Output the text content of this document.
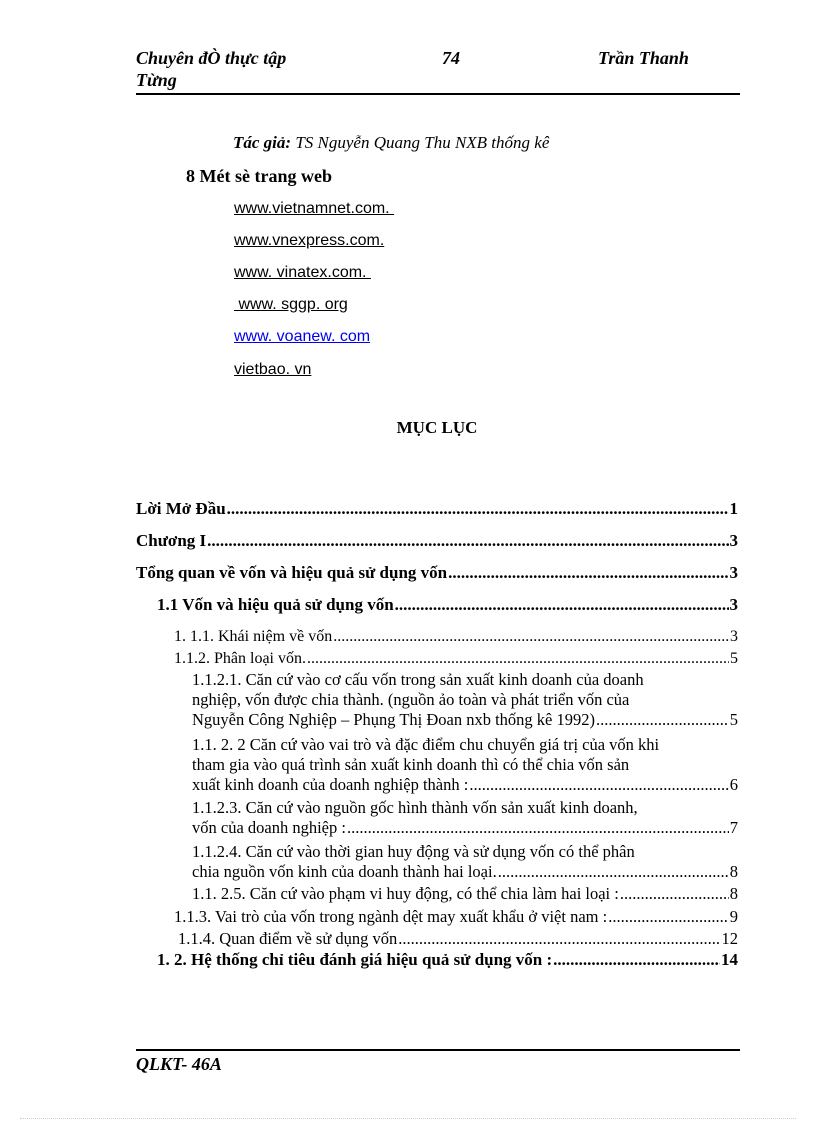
Chuyên đÒ thực tập	74	Trần Thanh
Từng
Tác giả: TS Nguyễn Quang Thu NXB thống kê
8 Mét sè trang web
www.vietnamnet.com.
www.vnexpress.com.
www. vinatex.com.
www. sggp. org
www. voanew. com
vietbao. vn
MỤC LỤC
Lời Mở Đầu .....	1
Chương I .....	3
Tổng quan về vốn và hiệu quả sử dụng vốn .....	3
1.1 Vốn và hiệu quả sử dụng vốn .....	3
1. 1.1. Khái niệm về vốn .....	3
1.1.2. Phân loại vốn. .....	5
1.1.2.1. Căn cứ vào cơ cấu vốn trong sản xuất kinh doanh của doanh
nghiệp, vốn được chia thành. (nguồn ảo toàn và phát triển vốn của
Nguyễn Công Nghiệp – Phụng Thị Đoan nxb thống kê 1992) .....	5
1.1. 2. 2 Căn cứ vào vai trò và đặc điểm chu chuyển giá trị của vốn khi
tham gia vào quá trình sản xuất kinh doanh thì có thể chia vốn sản
xuất kinh doanh của doanh nghiệp thành : .....	6
1.1.2.3. Căn cứ vào nguồn gốc hình thành vốn sản xuất kinh doanh,
vốn của doanh nghiệp : .....	7
1.1.2.4. Căn cứ vào thời gian huy động và sử dụng vốn có thể phân
chia nguồn vốn kinh của doanh thành hai loại. .....	8
1.1. 2.5. Căn cứ vào phạm vi huy động, có thể chia làm hai loại : .....	8
1.1.3. Vai trò của vốn trong ngành dệt may xuất khẩu ở việt nam : .....	9
1.1.4. Quan điểm về sử dụng vốn .....	12
1. 2. Hệ thống chỉ tiêu đánh giá hiệu quả sử dụng vốn : .....	14
QLKT- 46A
